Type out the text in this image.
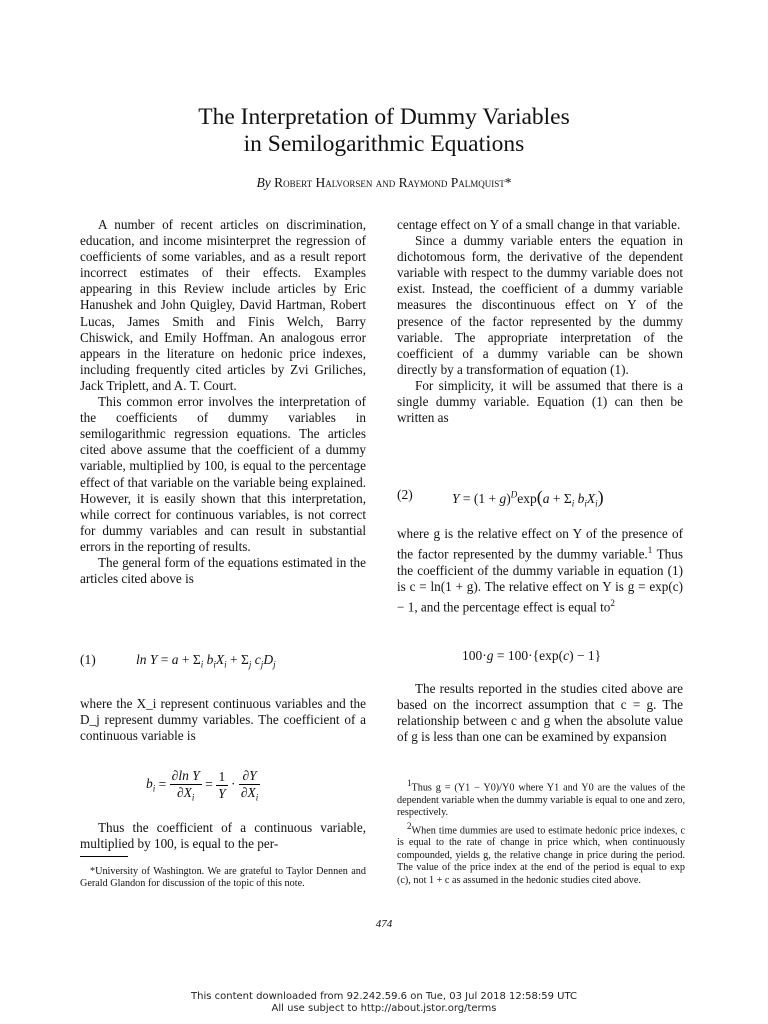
The Interpretation of Dummy Variables
in Semilogarithmic Equations
By Robert Halvorsen and Raymond Palmquist*

A number of recent articles on discrimination, education, and income misinterpret the regression of coefficients of some variables, and as a result report incorrect estimates of their effects. Examples appearing in this Review include articles by Eric Hanushek and John Quigley, David Hartman, Robert Lucas, James Smith and Finis Welch, Barry Chiswick, and Emily Hoffman. An analogous error appears in the literature on hedonic price indexes, including frequently cited articles by Zvi Griliches, Jack Triplett, and A. T. Court.

This common error involves the interpretation of the coefficients of dummy variables in semilogarithmic regression equations. The articles cited above assume that the coefficient of a dummy variable, multiplied by 100, is equal to the percentage effect of that variable on the variable being explained. However, it is easily shown that this interpretation, while correct for continuous variables, is not correct for dummy variables and can result in substantial errors in the reporting of results.

The general form of the equations estimated in the articles cited above is

(1)	$\ln Y = a + \Sigma_i$ $b_iX_i + \Sigma_j$ $c_jD_j$

where the X_i represent continuous variables and the D_j represent dummy variables. The coefficient of a continuous variable is

$b_i = \frac{\text{∂ln Y}}{\partial X_i} = \frac{1}{Y} \cdot \frac{\partial Y}{\partial X_i}$

Thus the coefficient of a continuous variable, multiplied by 100, is equal to the per-

*University of Washington. We are grateful to Taylor Dennen and Gerald Glandon for discussion of the topic of this note.

centage effect on Y of a small change in that variable.

Since a dummy variable enters the equation in dichotomous form, the derivative of the dependent variable with respect to the dummy variable does not exist. Instead, the coefficient of a dummy variable measures the discontinuous effect on Y of the presence of the factor represented by the dummy variable. The appropriate interpretation of the coefficient of a dummy variable can be shown directly by a transformation of equation (1).

For simplicity, it will be assumed that there is a single dummy variable. Equation (1) can then be written as

(2)	$Y = (1 + g)^D\exp(a + \Sigma_i$ $b_iX_i$)

where g is the relative effect on Y of the presence of the factor represented by the dummy variable.$^1$ Thus the coefficient of the dummy variable in equation (1) is c = ln(1 + g). The relative effect on Y is g = exp(c) − 1, and the percentage effect is equal $to^2$

100·g = 100·{exp(c) − 1}

The results reported in the studies cited above are based on the incorrect assumption that c = g. The relationship between c and g when the absolute value of g is less than one can be examined by expansion

$^1$Thus g = (Y1 − Y0)/Y0 where Y1 and Y0 are the values of the dependent variable when the dummy variable is equal to one and zero, respectively.

$^2$When time dummies are used to estimate hedonic price indexes, c is equal to the rate of change in price which, when continuously compounded, yields g, the relative change in price during the period. The value of the price index at the end of the period is equal to exp (c), not 1 + c as assumed in the hedonic studies cited above.

474
This content downloaded from 92.242.59.6 on Tue, 03 Jul 2018 12:58:59 UTC
All use subject to http://about.jstor.org/terms
